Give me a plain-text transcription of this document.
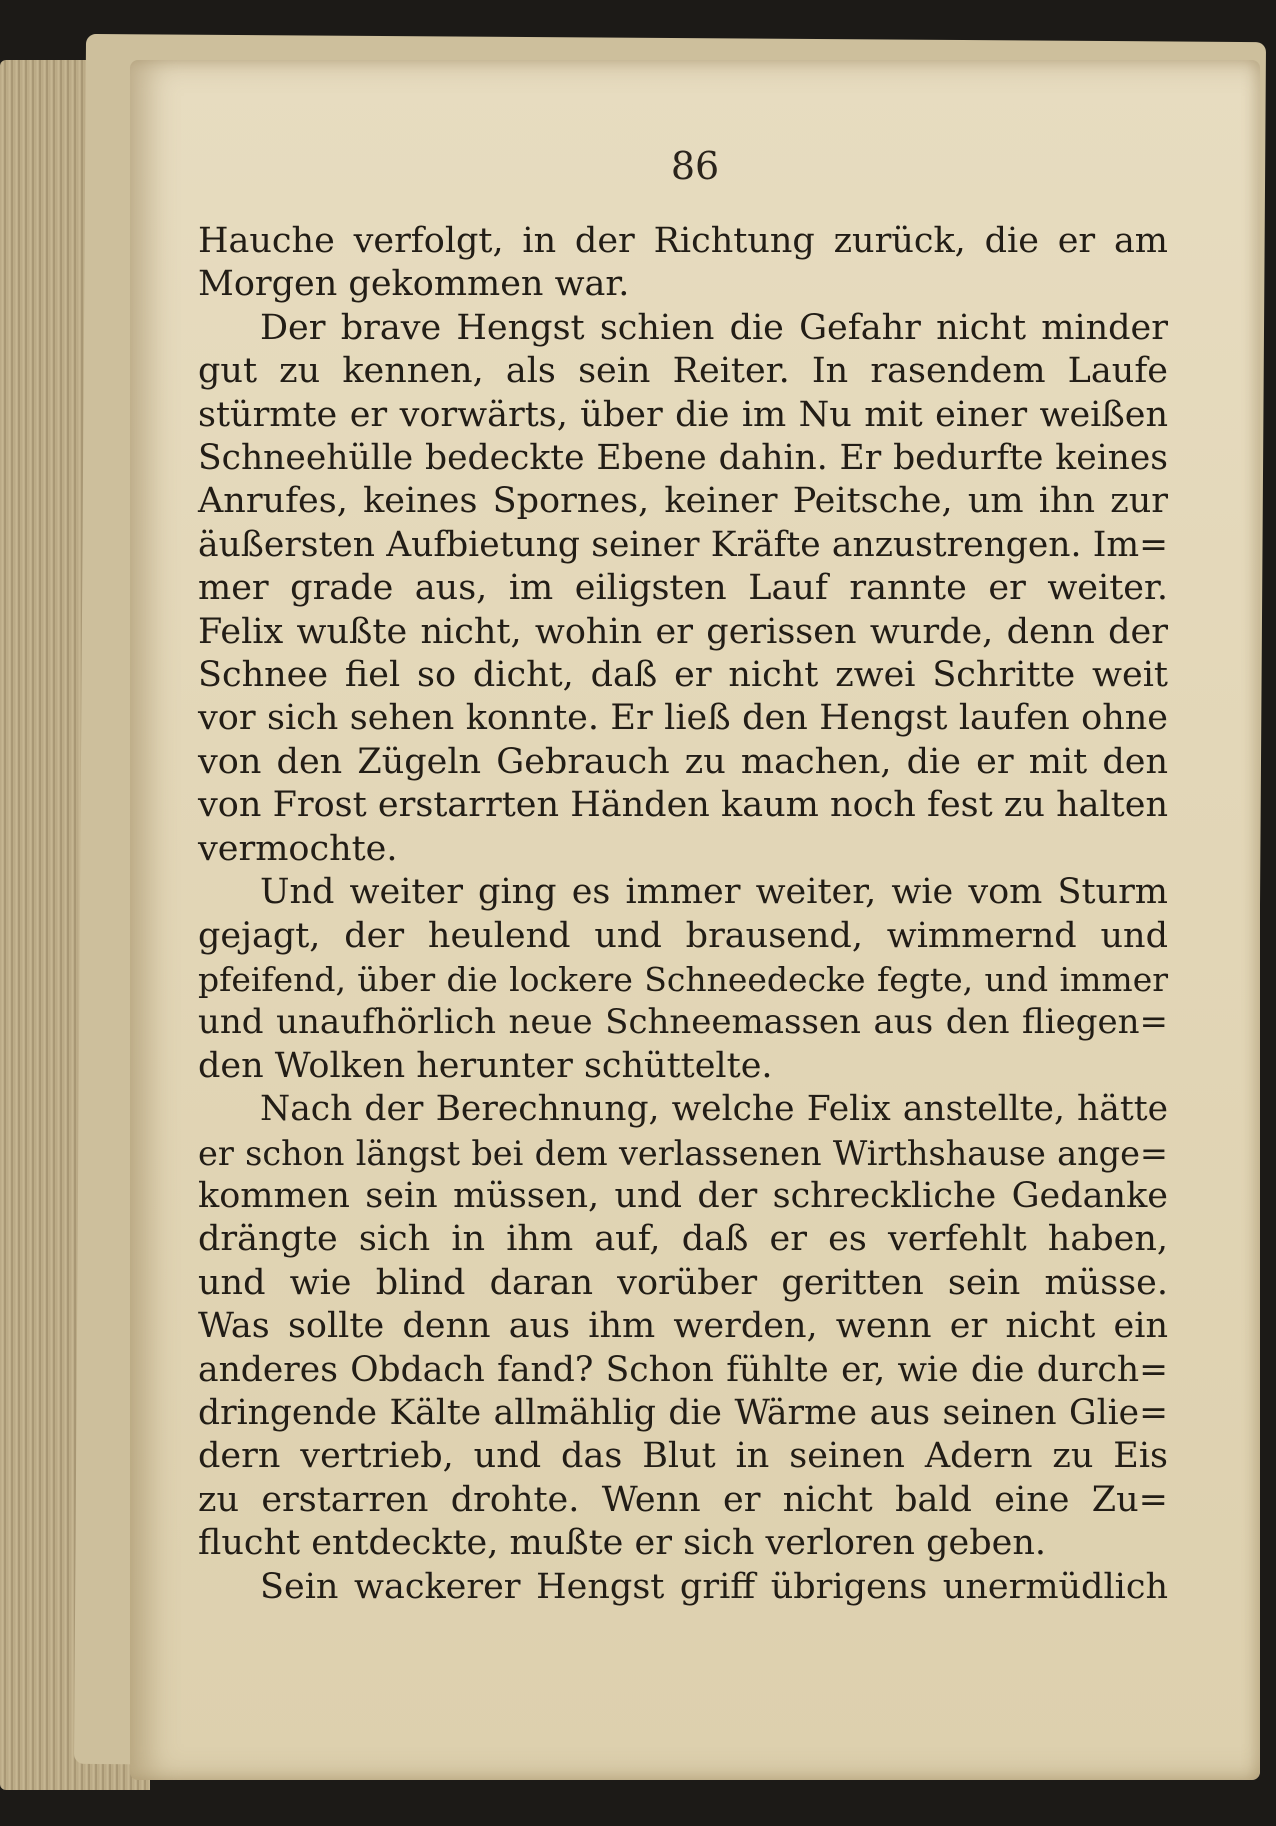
86
Hauche verfolgt, in der Richtung zurück, die er am
Morgen gekommen war.
Der brave Hengst schien die Gefahr nicht minder
gut zu kennen, als sein Reiter. In rasendem Laufe
stürmte er vorwärts, über die im Nu mit einer weißen
Schneehülle bedeckte Ebene dahin. Er bedurfte keines
Anrufes, keines Spornes, keiner Peitsche, um ihn zur
äußersten Aufbietung seiner Kräfte anzustrengen. Im=
mer grade aus, im eiligsten Lauf rannte er weiter.
Felix wußte nicht, wohin er gerissen wurde, denn der
Schnee fiel so dicht, daß er nicht zwei Schritte weit
vor sich sehen konnte. Er ließ den Hengst laufen ohne
von den Zügeln Gebrauch zu machen, die er mit den
von Frost erstarrten Händen kaum noch fest zu halten
vermochte.
Und weiter ging es immer weiter, wie vom Sturm
gejagt, der heulend und brausend, wimmernd und
pfeifend, über die lockere Schneedecke fegte, und immer
und unaufhörlich neue Schneemassen aus den fliegen=
den Wolken herunter schüttelte.
Nach der Berechnung, welche Felix anstellte, hätte
er schon längst bei dem verlassenen Wirthshause ange=
kommen sein müssen, und der schreckliche Gedanke
drängte sich in ihm auf, daß er es verfehlt haben,
und wie blind daran vorüber geritten sein müsse.
Was sollte denn aus ihm werden, wenn er nicht ein
anderes Obdach fand? Schon fühlte er, wie die durch=
dringende Kälte allmählig die Wärme aus seinen Glie=
dern vertrieb, und das Blut in seinen Adern zu Eis
zu erstarren drohte. Wenn er nicht bald eine Zu=
flucht entdeckte, mußte er sich verloren geben.
Sein wackerer Hengst griff übrigens unermüdlich
